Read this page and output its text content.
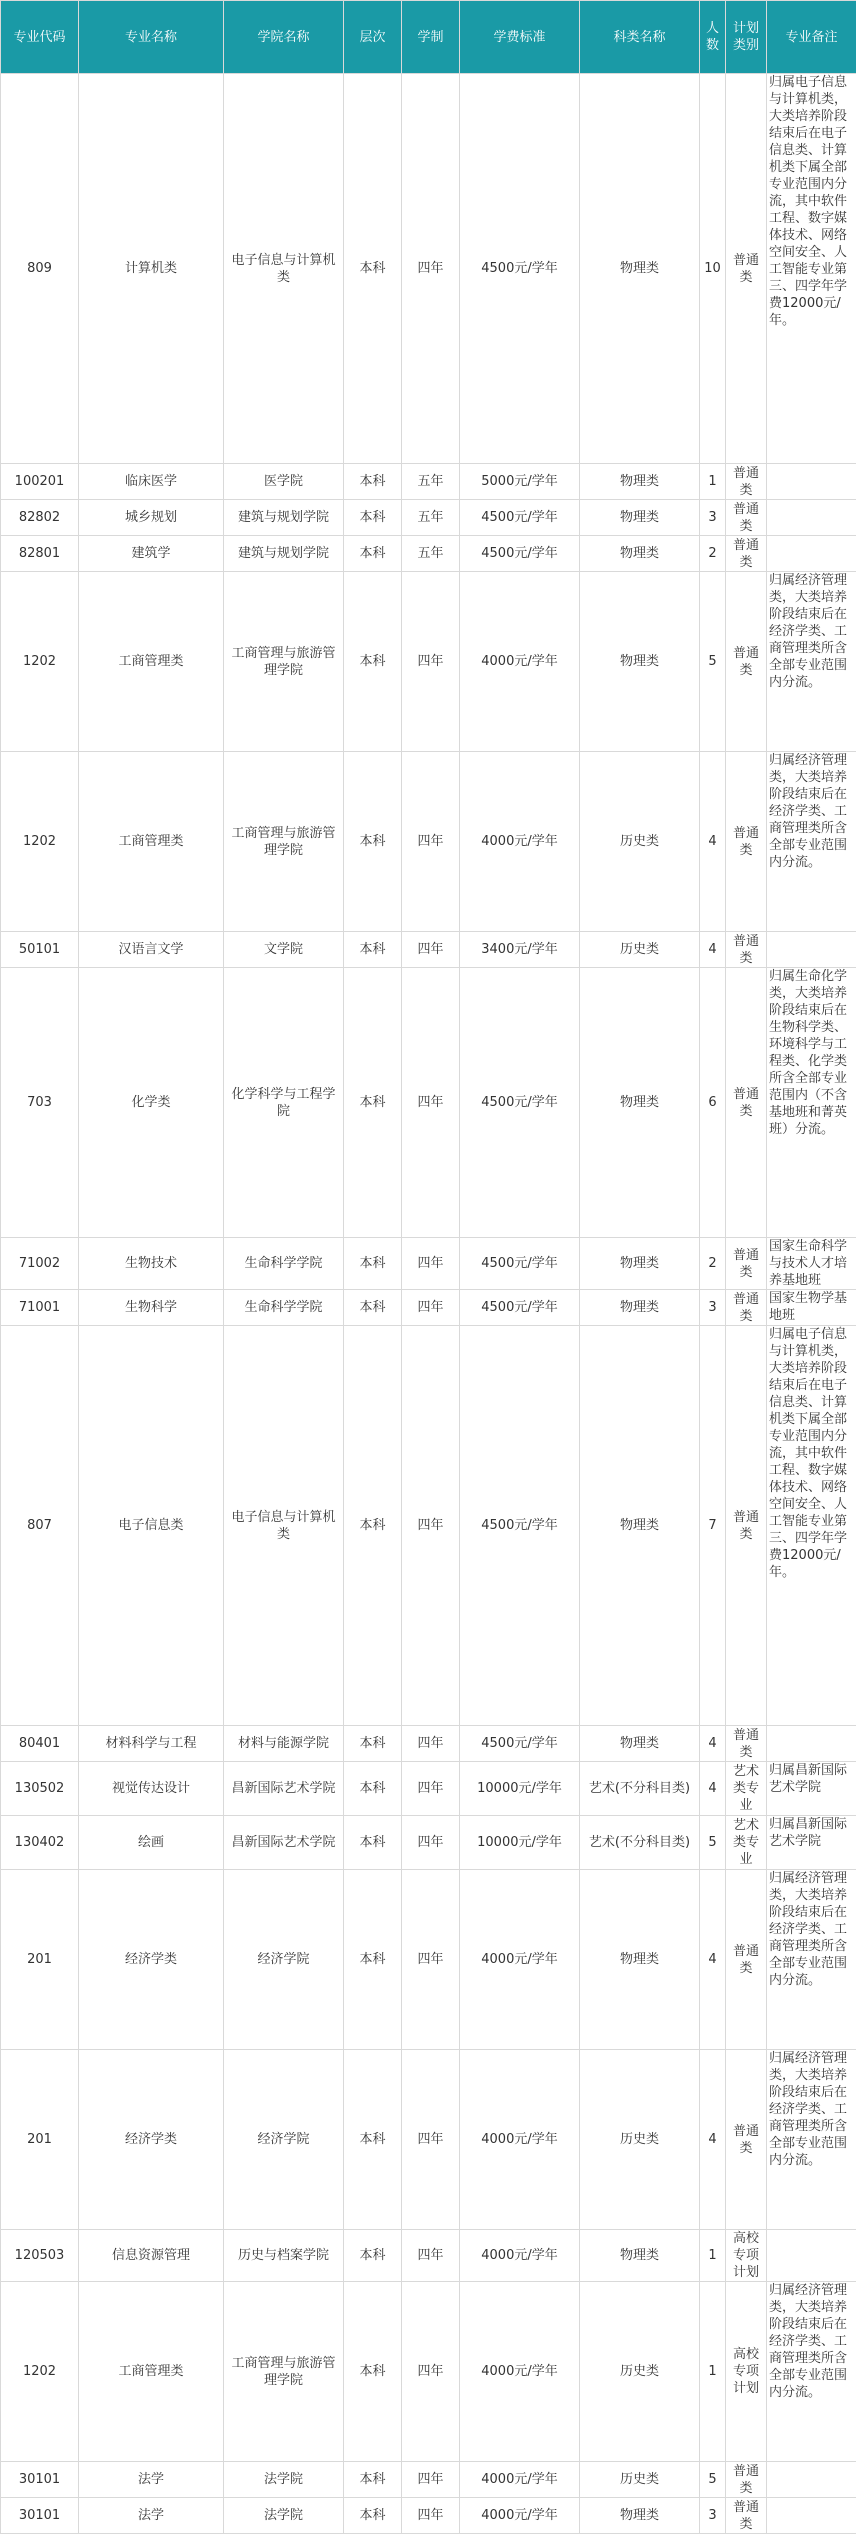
专业代码	专业名称	学院名称	层次	学制	学费标准	科类名称	人数	计划类别	专业备注
809	计算机类	电子信息与计算机类	本科	四年	4500元/学年	物理类	10	普通类	归属电子信息与计算机类，大类培养阶段结束后在电子信息类、计算机类下属全部专业范围内分流，其中软件工程、数字媒体技术、网络空间安全、人工智能专业第三、四学年学费12000元/年。
100201	临床医学	医学院	本科	五年	5000元/学年	物理类	1	普通类	
82802	城乡规划	建筑与规划学院	本科	五年	4500元/学年	物理类	3	普通类	
82801	建筑学	建筑与规划学院	本科	五年	4500元/学年	物理类	2	普通类	
1202	工商管理类	工商管理与旅游管理学院	本科	四年	4000元/学年	物理类	5	普通类	归属经济管理类，大类培养阶段结束后在经济学类、工商管理类所含全部专业范围内分流。
1202	工商管理类	工商管理与旅游管理学院	本科	四年	4000元/学年	历史类	4	普通类	归属经济管理类，大类培养阶段结束后在经济学类、工商管理类所含全部专业范围内分流。
50101	汉语言文学	文学院	本科	四年	3400元/学年	历史类	4	普通类	
703	化学类	化学科学与工程学院	本科	四年	4500元/学年	物理类	6	普通类	归属生命化学类，大类培养阶段结束后在生物科学类、环境科学与工程类、化学类所含全部专业范围内（不含基地班和菁英班）分流。
71002	生物技术	生命科学学院	本科	四年	4500元/学年	物理类	2	普通类	国家生命科学与技术人才培养基地班
71001	生物科学	生命科学学院	本科	四年	4500元/学年	物理类	3	普通类	国家生物学基地班
807	电子信息类	电子信息与计算机类	本科	四年	4500元/学年	物理类	7	普通类	归属电子信息与计算机类，大类培养阶段结束后在电子信息类、计算机类下属全部专业范围内分流，其中软件工程、数字媒体技术、网络空间安全、人工智能专业第三、四学年学费12000元/年。
80401	材料科学与工程	材料与能源学院	本科	四年	4500元/学年	物理类	4	普通类	
130502	视觉传达设计	昌新国际艺术学院	本科	四年	10000元/学年	艺术(不分科目类)	4	艺术类专业	归属昌新国际艺术学院
130402	绘画	昌新国际艺术学院	本科	四年	10000元/学年	艺术(不分科目类)	5	艺术类专业	归属昌新国际艺术学院
201	经济学类	经济学院	本科	四年	4000元/学年	物理类	4	普通类	归属经济管理类，大类培养阶段结束后在经济学类、工商管理类所含全部专业范围内分流。
201	经济学类	经济学院	本科	四年	4000元/学年	历史类	4	普通类	归属经济管理类，大类培养阶段结束后在经济学类、工商管理类所含全部专业范围内分流。
120503	信息资源管理	历史与档案学院	本科	四年	4000元/学年	物理类	1	高校专项计划	
1202	工商管理类	工商管理与旅游管理学院	本科	四年	4000元/学年	历史类	1	高校专项计划	归属经济管理类，大类培养阶段结束后在经济学类、工商管理类所含全部专业范围内分流。
30101	法学	法学院	本科	四年	4000元/学年	历史类	5	普通类	
30101	法学	法学院	本科	四年	4000元/学年	物理类	3	普通类	
